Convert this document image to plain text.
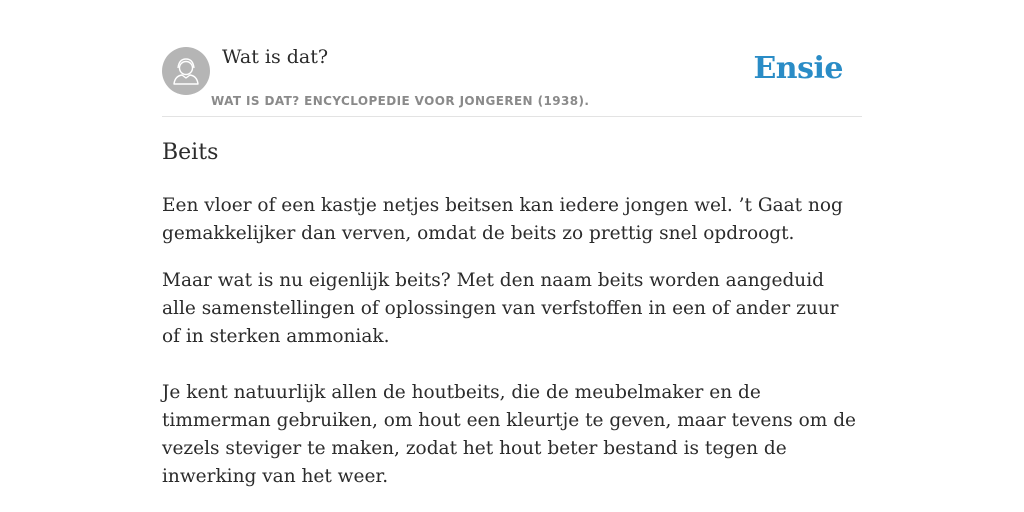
Wat is dat?
WAT IS DAT? ENCYCLOPEDIE VOOR JONGEREN (1938).
Ensie
Beits

Een vloer of een kastje netjes beitsen kan iedere jongen wel. ’t Gaat nog gemakkelijker dan verven, omdat de beits zo prettig snel opdroogt.

Maar wat is nu eigenlijk beits? Met den naam beits worden aangeduid alle samenstellingen of oplossingen van verfstoffen in een of ander zuur of in sterken ammoniak.

Je kent natuurlijk allen de houtbeits, die de meubelmaker en de timmerman gebruiken, om hout een kleurtje te geven, maar tevens om de vezels steviger te maken, zodat het hout beter bestand is tegen de inwerking van het weer.
